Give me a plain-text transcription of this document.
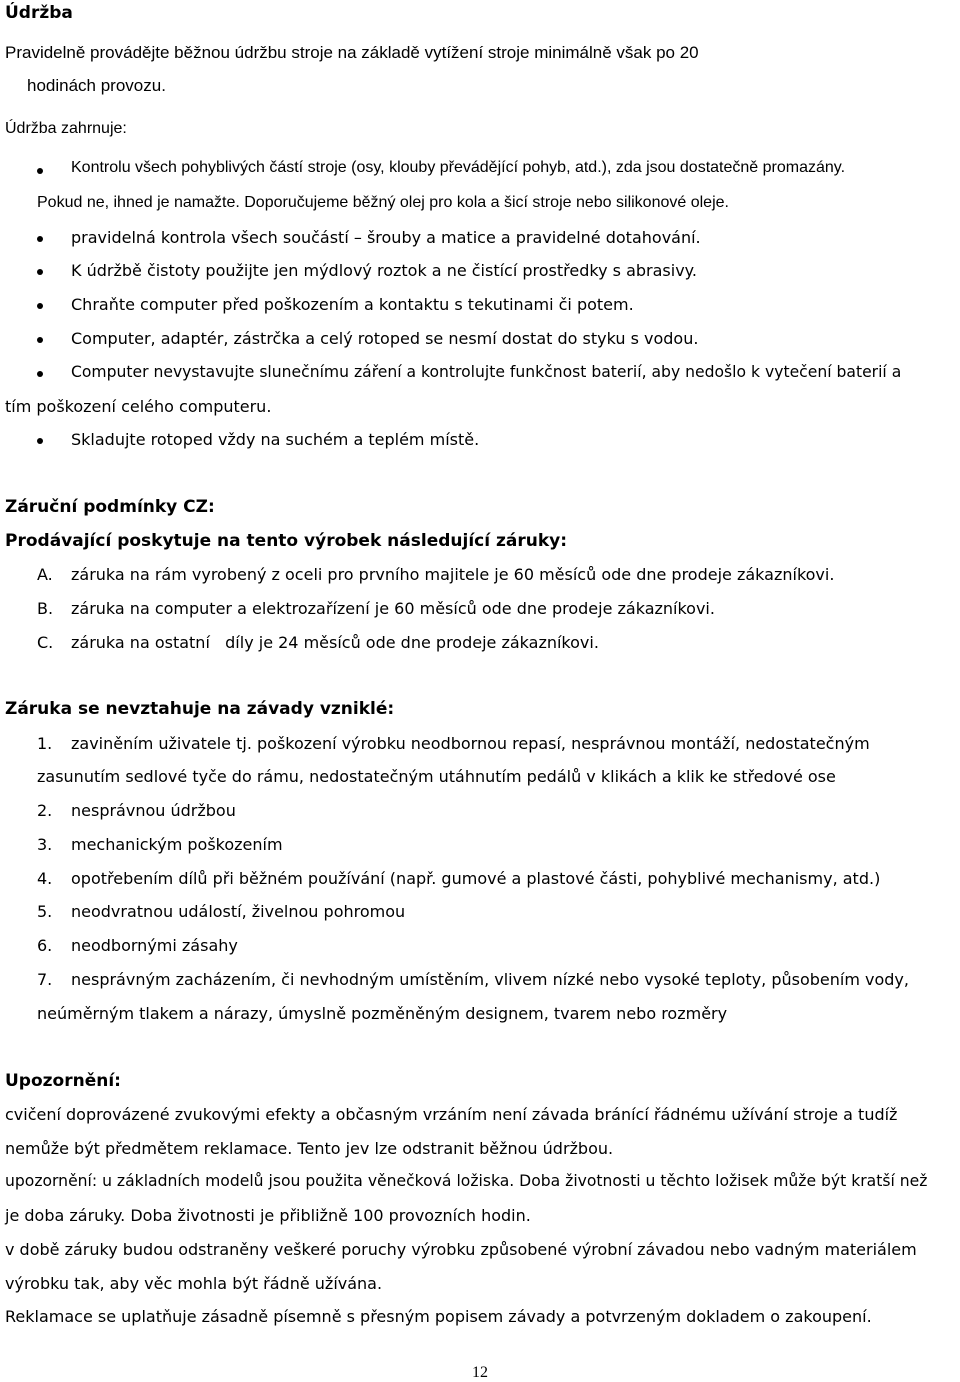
Údržba
Pravidelně provádějte běžnou údržbu stroje na základě vytížení stroje minimálně však po 20
hodinách provozu.
Údržba zahrnuje:
Kontrolu všech pohyblivých částí stroje (osy, klouby převádějící pohyb, atd.), zda jsou dostatečně promazány.
Pokud ne, ihned je namažte. Doporučujeme běžný olej pro kola a šicí stroje nebo silikonové oleje.
pravidelná kontrola všech součástí – šrouby a matice a pravidelné dotahování.
K údržbě čistoty použijte jen mýdlový roztok a ne čistící prostředky s abrasivy.
Chraňte computer před poškozením a kontaktu s tekutinami či potem.
Computer, adaptér, zástrčka a celý rotoped se nesmí dostat do styku s vodou.
Computer nevystavujte slunečnímu záření a kontrolujte funkčnost baterií, aby nedošlo k vytečení baterií a
tím poškození celého computeru.
Skladujte rotoped vždy na suchém a teplém místě.
Záruční podmínky CZ:
Prodávající poskytuje na tento výrobek následující záruky:
A. záruka na rám vyrobený z oceli pro prvního majitele je 60 měsíců ode dne prodeje zákazníkovi.
B. záruka na computer a elektrozařízení je 60 měsíců ode dne prodeje zákazníkovi.
C. záruka na ostatní   díly je 24 měsíců ode dne prodeje zákazníkovi.
Záruka se nevztahuje na závady vzniklé:
1. zaviněním uživatele tj. poškození výrobku neodbornou repasí, nesprávnou montáží, nedostatečným
zasunutím sedlové tyče do rámu, nedostatečným utáhnutím pedálů v klikách a klik ke středové ose
2. nesprávnou údržbou
3. mechanickým poškozením
4. opotřebením dílů při běžném používání (např. gumové a plastové části, pohyblivé mechanismy, atd.)
5. neodvratnou událostí, živelnou pohromou
6. neodbornými zásahy
7. nesprávným zacházením, či nevhodným umístěním, vlivem nízké nebo vysoké teploty, působením vody,
neúměrným tlakem a nárazy, úmyslně pozměněným designem, tvarem nebo rozměry
Upozornění:
cvičení doprovázené zvukovými efekty a občasným vrzáním není závada bránící řádnému užívání stroje a tudíž
nemůže být předmětem reklamace. Tento jev lze odstranit běžnou údržbou.
upozornění: u základních modelů jsou použita věnečková ložiska. Doba životnosti u těchto ložisek může být kratší než
je doba záruky. Doba životnosti je přibližně 100 provozních hodin.
v době záruky budou odstraněny veškeré poruchy výrobku způsobené výrobní závadou nebo vadným materiálem
výrobku tak, aby věc mohla být řádně užívána.
Reklamace se uplatňuje zásadně písemně s přesným popisem závady a potvrzeným dokladem o zakoupení.
12
